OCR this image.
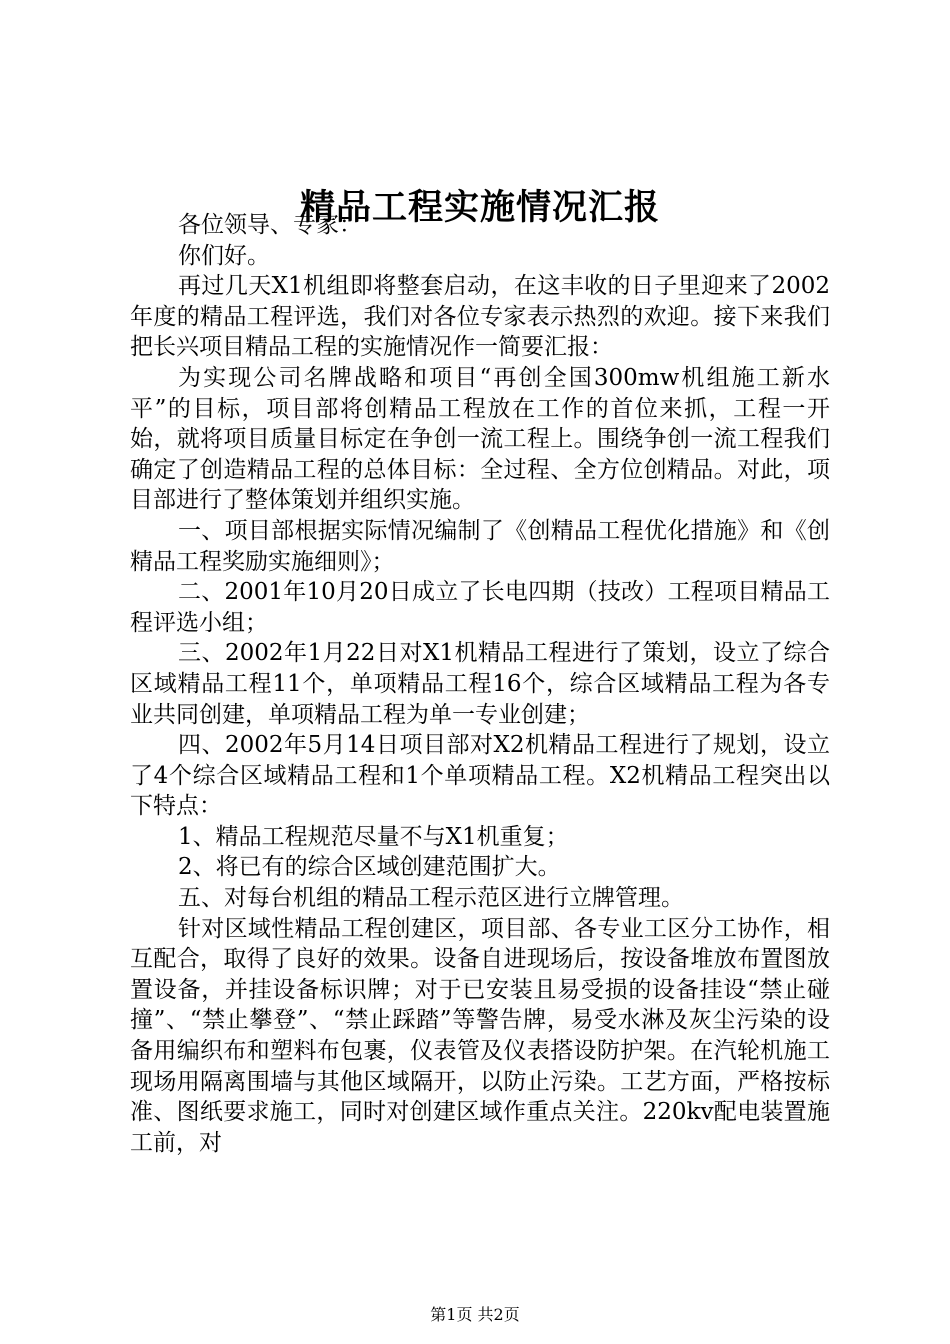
精品工程实施情况汇报

各位领导、专家：

你们好。

再过几天X1机组即将整套启动，在这丰收的日子里迎来了2002年度的精品工程评选，我们对各位专家表示热烈的欢迎。接下来我们把长兴项目精品工程的实施情况作一简要汇报：

为实现公司名牌战略和项目“再创全国300mw机组施工新水平”的目标，项目部将创精品工程放在工作的首位来抓，工程一开始，就将项目质量目标定在争创一流工程上。围绕争创一流工程我们确定了创造精品工程的总体目标：全过程、全方位创精品。对此，项目部进行了整体策划并组织实施。

一、项目部根据实际情况编制了《创精品工程优化措施》和《创精品工程奖励实施细则》；

二、2001年10月20日成立了长电四期（技改）工程项目精品工程评选小组；

三、2002年1月22日对X1机精品工程进行了策划，设立了综合区域精品工程11个，单项精品工程16个，综合区域精品工程为各专业共同创建，单项精品工程为单一专业创建；

四、2002年5月14日项目部对X2机精品工程进行了规划，设立了4个综合区域精品工程和1个单项精品工程。X2机精品工程突出以下特点：

1、精品工程规范尽量不与X1机重复；

2、将已有的综合区域创建范围扩大。

五、对每台机组的精品工程示范区进行立牌管理。

针对区域性精品工程创建区，项目部、各专业工区分工协作，相互配合，取得了良好的效果。设备自进现场后，按设备堆放布置图放置设备，并挂设备标识牌；对于已安装且易受损的设备挂设“禁止碰撞”、“禁止攀登”、“禁止踩踏”等警告牌，易受水淋及灰尘污染的设备用编织布和塑料布包裹，仪表管及仪表搭设防护架。在汽轮机施工现场用隔离围墙与其他区域隔开，以防止污染。工艺方面，严格按标准、图纸要求施工，同时对创建区域作重点关注。220kv配电装置施工前，对

第1页 共2页
